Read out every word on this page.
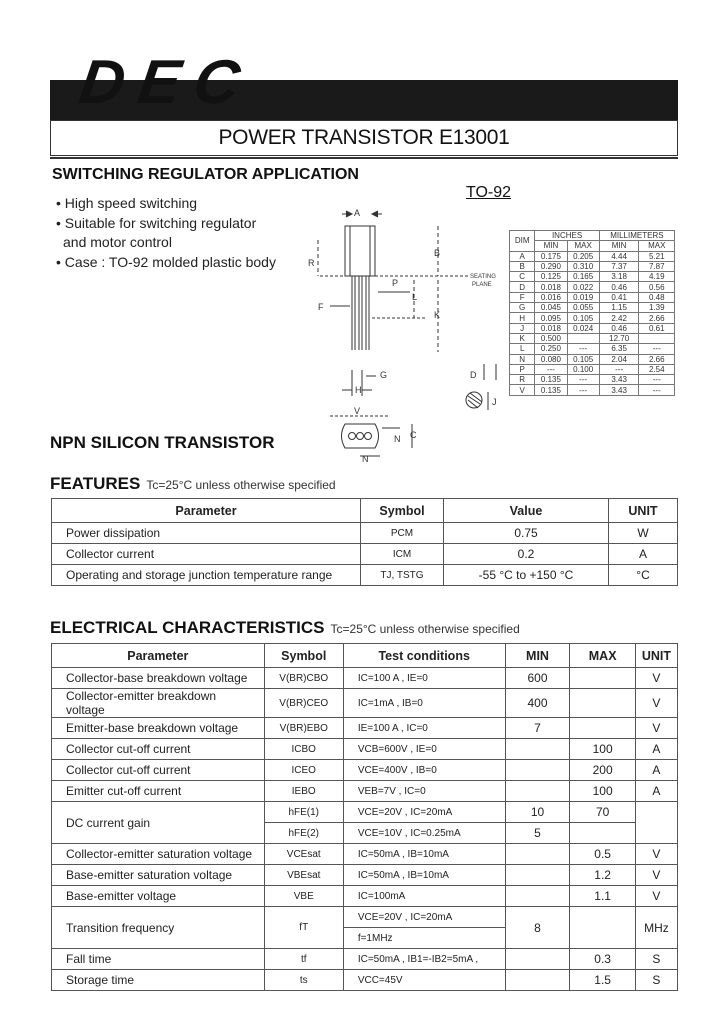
DEC
POWER TRANSISTOR E13001
SWITCHING REGULATOR APPLICATION
• High speed switching
• Suitable for switching regulator
and motor control
• Case : TO-92 molded plastic body
TO-92
A
B
R
P
L
F
K
H
G
V
N C
N
SEATING
PLANE
D
J
DIM	INCHES		MILLIMETERS	
	MIN	MAX	MIN	MAX
A	0.175	0.205	4.44	5.21
B	0.290	0.310	7.37	7.87
C	0.125	0.165	3.18	4.19
D	0.018	0.022	0.46	0.56
F	0.016	0.019	0.41	0.48
G	0.045	0.055	1.15	1.39
H	0.095	0.105	2.42	2.66
J	0.018	0.024	0.46	0.61
K	0.500		12.70	
L	0.250	---	6.35	---
N	0.080	0.105	2.04	2.66
P	---	0.100	---	2.54
R	0.135	---	3.43	---
V	0.135	---	3.43	---
NPN SILICON TRANSISTOR
FEATURES Tc=25°C unless otherwise specified
Parameter	Symbol	Value	UNIT
Power dissipation	PCM	0.75	W
Collector current	ICM	0.2	A
Operating and storage junction temperature range	TJ, TSTG	-55 °C to +150 °C	°C
ELECTRICAL CHARACTERISTICS Tc=25°C unless otherwise specified
Parameter	Symbol	Test conditions	MIN	MAX	UNIT
Collector-base breakdown voltage	V(BR)CBO	IC=100 A , IE=0	600		V
Collector-emitter breakdown voltage	V(BR)CEO	IC=1mA , IB=0	400		V
Emitter-base breakdown voltage	V(BR)EBO	IE=100 A , IC=0	7		V
Collector cut-off current	ICBO	VCB=600V , IE=0		100	A
Collector cut-off current	ICEO	VCE=400V , IB=0		200	A
Emitter cut-off current	IEBO	VEB=7V , IC=0		100	A
DC current gain	hFE(1)	VCE=20V , IC=20mA	10	70	
	hFE(2)	VCE=10V , IC=0.25mA	5		
Collector-emitter saturation voltage	VCEsat	IC=50mA , IB=10mA		0.5	V
Base-emitter saturation voltage	VBEsat	IC=50mA , IB=10mA		1.2	V
Base-emitter voltage	VBE	IC=100mA		1.1	V
Transition frequency	fT	VCE=20V , IC=20mA	8		MHz
		f=1MHz			
Fall time	tf	IC=50mA , IB1=-IB2=5mA ,		0.3	S
Storage time	ts	VCC=45V		1.5	S
